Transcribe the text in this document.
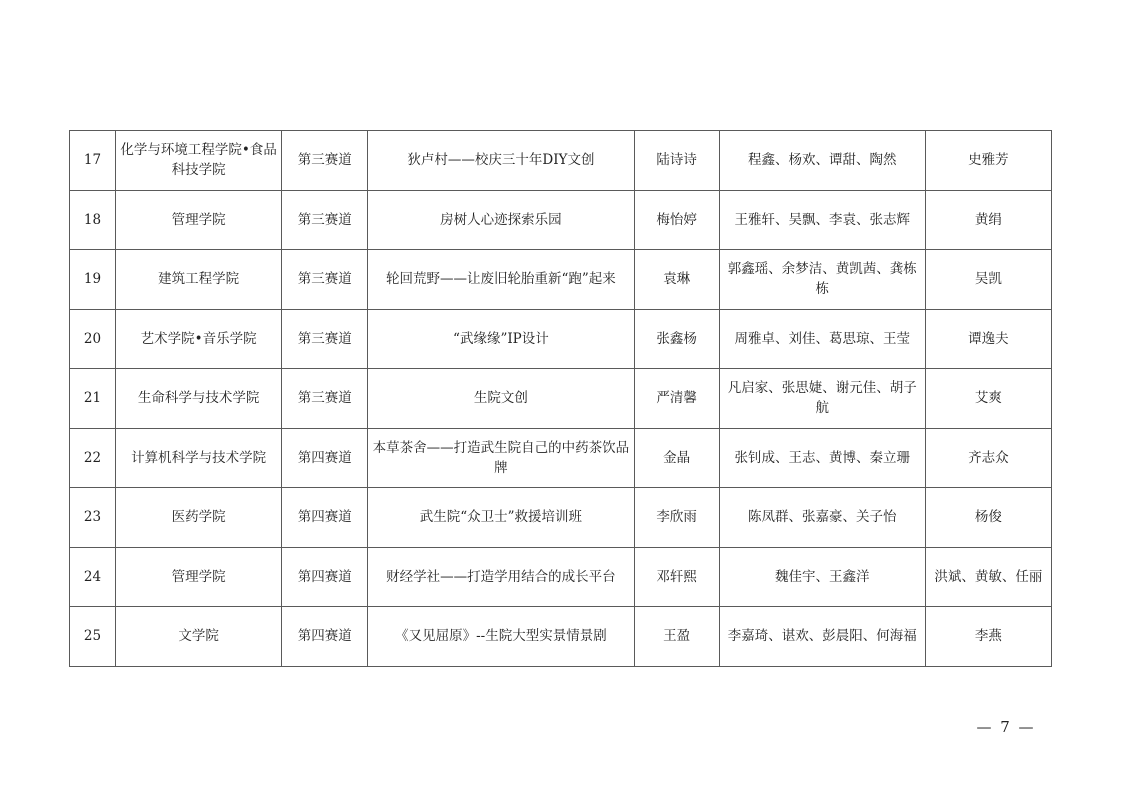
17	化学与环境工程学院•食品科技学院	第三赛道	狄卢村——校庆三十年DIY文创	陆诗诗	程鑫、杨欢、谭甜、陶然	史雅芳
18	管理学院	第三赛道	房树人心迹探索乐园	梅怡婷	王雅轩、吴飘、李袁、张志辉	黄绢
19	建筑工程学院	第三赛道	轮回荒野——让废旧轮胎重新“跑”起来	袁琳	郭鑫瑶、余梦洁、黄凯茜、龚栋栋	吴凯
20	艺术学院•音乐学院	第三赛道	“武缘缘”IP设计	张鑫杨	周雅卓、刘佳、葛思琼、王莹	谭逸夫
21	生命科学与技术学院	第三赛道	生院文创	严清馨	凡启家、张思婕、谢元佳、胡子航	艾爽
22	计算机科学与技术学院	第四赛道	本草茶舍——打造武生院自己的中药茶饮品牌	金晶	张钊成、王志、黄博、秦立珊	齐志众
23	医药学院	第四赛道	武生院“众卫士”救援培训班	李欣雨	陈凤群、张嘉豪、关子怡	杨俊
24	管理学院	第四赛道	财经学社——打造学用结合的成长平台	邓轩熙	魏佳宇、王鑫洋	洪斌、黄敏、任丽
25	文学院	第四赛道	《又见屈原》--生院大型实景情景剧	王盈	李嘉琦、谌欢、彭晨阳、何海福	李燕
— 7 —
